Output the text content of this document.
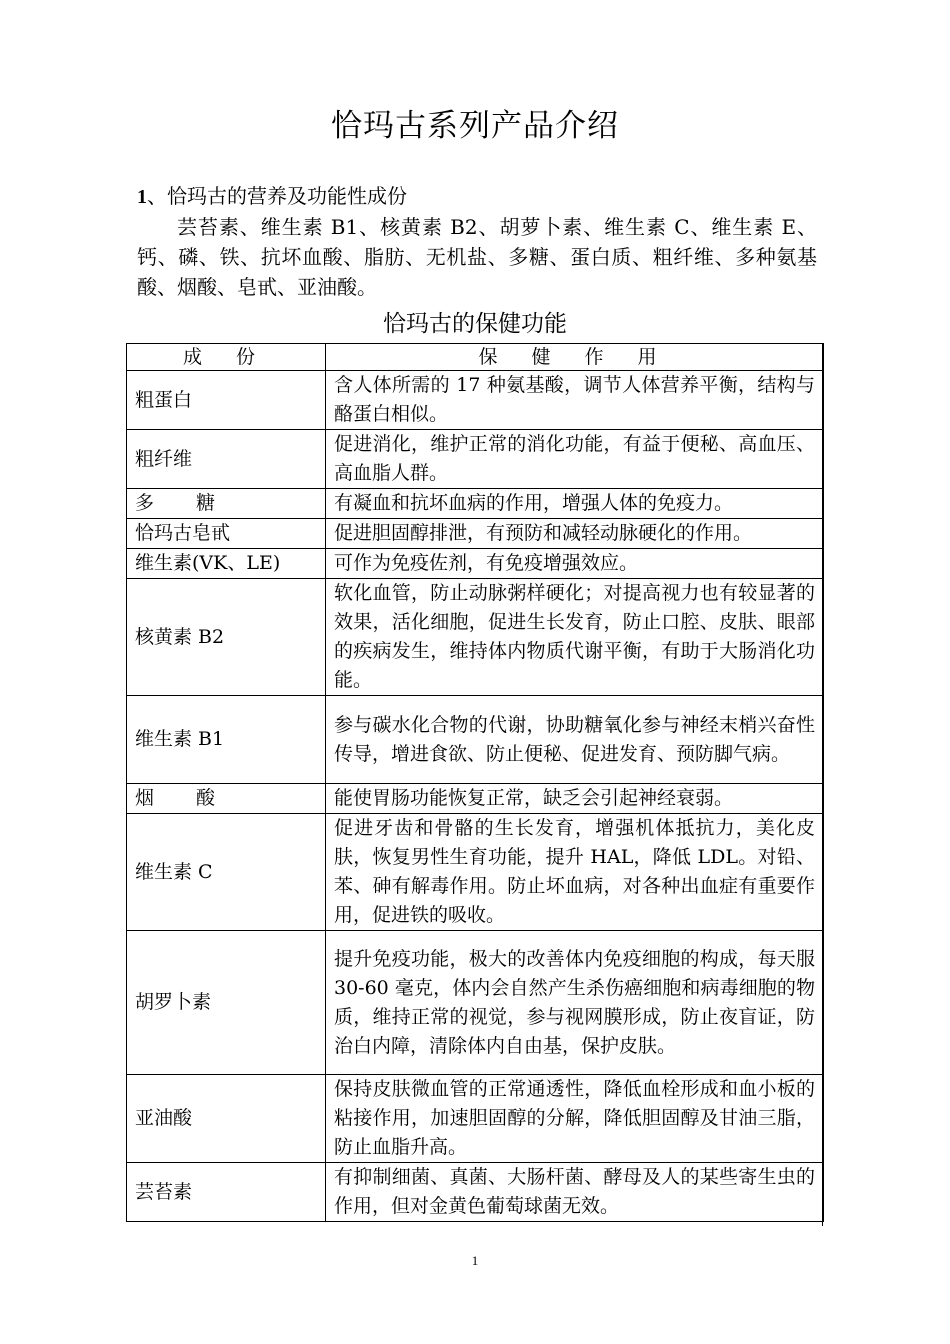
恰玛古系列产品介绍
1、恰玛古的营养及功能性成份
芸苔素、维生素 B1、核黄素 B2、胡萝卜素、维生素 C、维生素 E、钙、磷、铁、抗坏血酸、脂肪、无机盐、多糖、蛋白质、粗纤维、多种氨基酸、烟酸、皂甙、亚油酸。
恰玛古的保健功能
成 份	保 健 作 用
粗蛋白	含人体所需的 17 种氨基酸，调节人体营养平衡，结构与酪蛋白相似。
粗纤维	促进消化，维护正常的消化功能，有益于便秘、高血压、高血脂人群。
多 糖	有凝血和抗坏血病的作用，增强人体的免疫力。
恰玛古皂甙	促进胆固醇排泄，有预防和减轻动脉硬化的作用。
维生素(VK、LE)	可作为免疫佐剂，有免疫增强效应。
核黄素 B2	软化血管，防止动脉粥样硬化；对提高视力也有较显著的效果，活化细胞，促进生长发育，防止口腔、皮肤、眼部的疾病发生，维持体内物质代谢平衡，有助于大肠消化功能。
维生素 B1	参与碳水化合物的代谢，协助糖氧化参与神经末梢兴奋性传导，增进食欲、防止便秘、促进发育、预防脚气病。
烟 酸	能使胃肠功能恢复正常，缺乏会引起神经衰弱。
维生素 C	促进牙齿和骨骼的生长发育，增强机体抵抗力，美化皮肤，恢复男性生育功能，提升 HAL，降低 LDL。对铅、苯、砷有解毒作用。防止坏血病，对各种出血症有重要作用，促进铁的吸收。
胡罗卜素	提升免疫功能，极大的改善体内免疫细胞的构成，每天服 30-60 毫克，体内会自然产生杀伤癌细胞和病毒细胞的物质，维持正常的视觉，参与视网膜形成，防止夜盲证，防治白内障，清除体内自由基，保护皮肤。
亚油酸	保持皮肤微血管的正常通透性，降低血栓形成和血小板的粘接作用，加速胆固醇的分解，降低胆固醇及甘油三脂，防止血脂升高。
芸苔素	有抑制细菌、真菌、大肠杆菌、酵母及人的某些寄生虫的作用，但对金黄色葡萄球菌无效。
1
